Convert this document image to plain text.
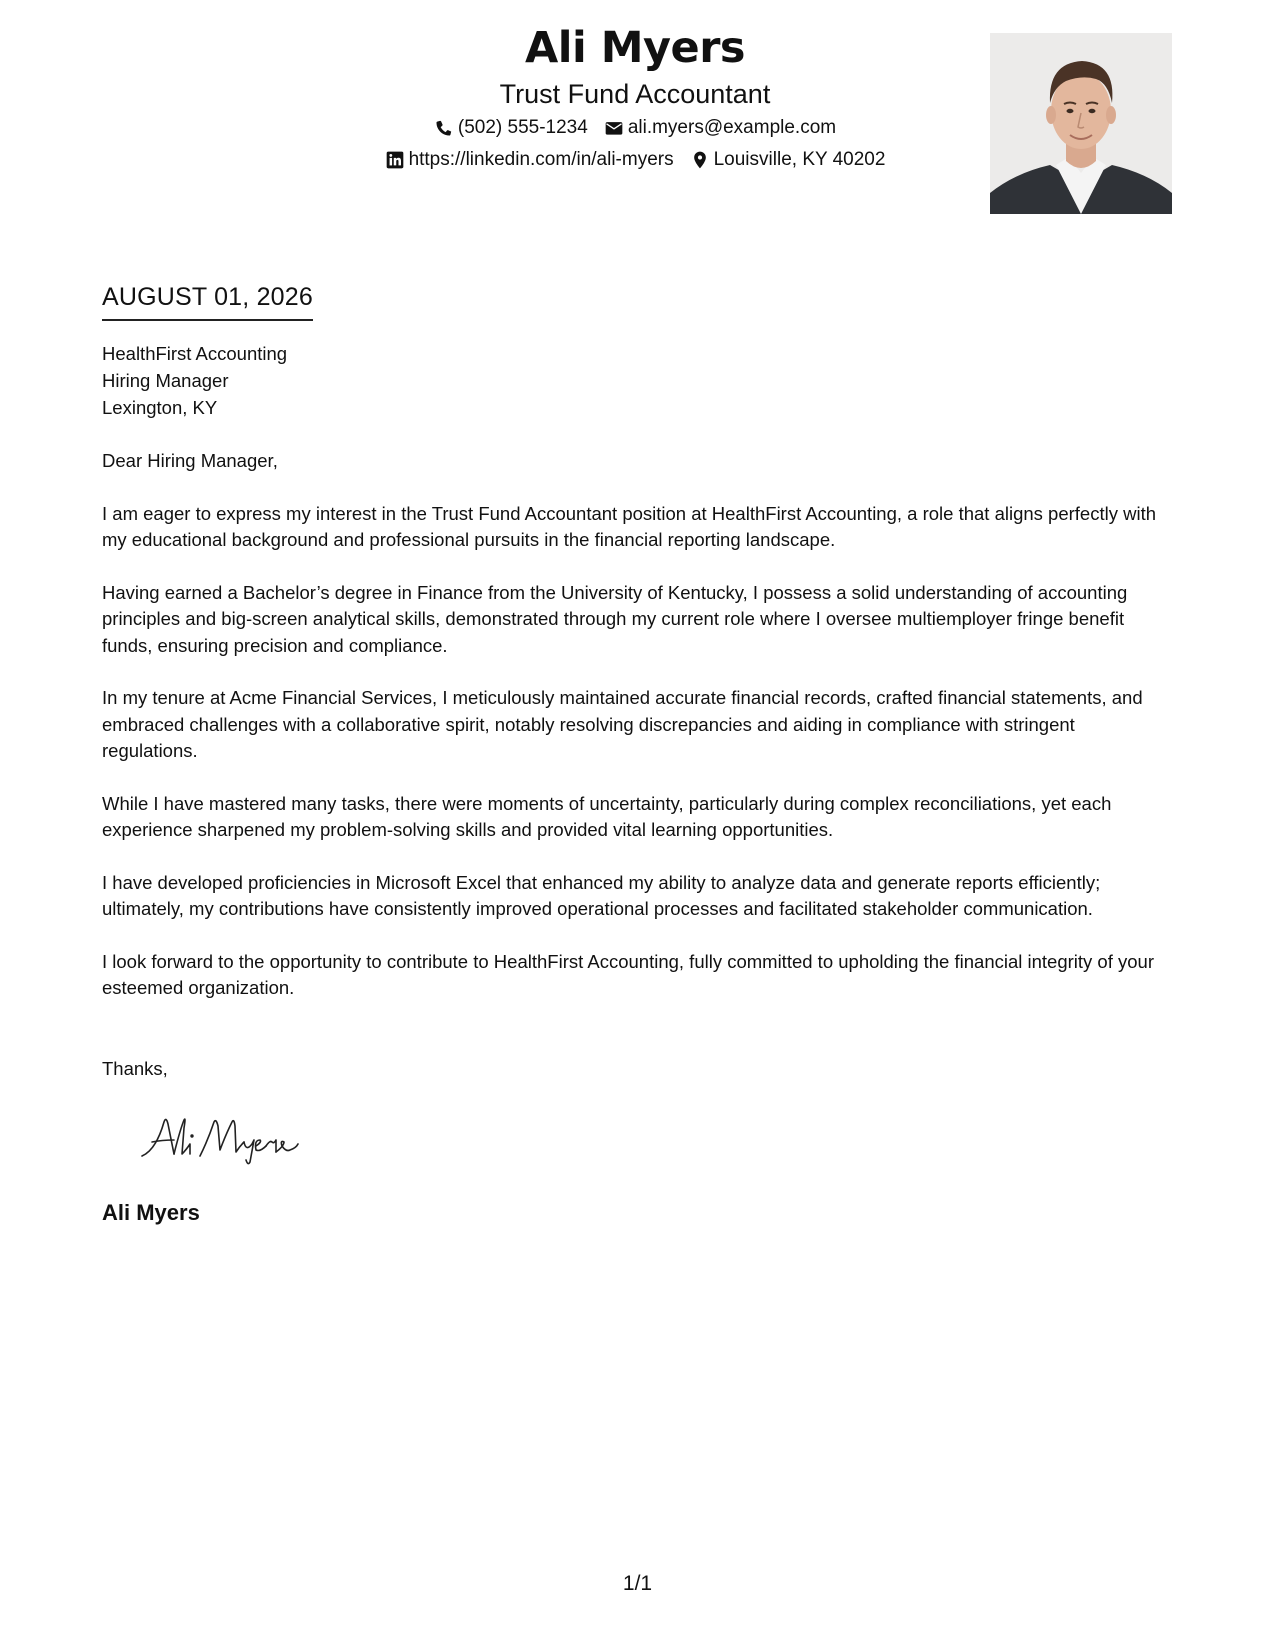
Ali Myers
Trust Fund Accountant
(502) 555-1234 ali.myers@example.com
https://linkedin.com/in/ali-myers Louisville, KY 40202
AUGUST 01, 2026
HealthFirst Accounting
Hiring Manager
Lexington, KY

Dear Hiring Manager,

I am eager to express my interest in the Trust Fund Accountant position at HealthFirst Accounting, a role that aligns perfectly with my educational background and professional pursuits in the financial reporting landscape.

Having earned a Bachelor’s degree in Finance from the University of Kentucky, I possess a solid understanding of accounting principles and big-screen analytical skills, demonstrated through my current role where I oversee multiemployer fringe benefit funds, ensuring precision and compliance.

In my tenure at Acme Financial Services, I meticulously maintained accurate financial records, crafted financial statements, and embraced challenges with a collaborative spirit, notably resolving discrepancies and aiding in compliance with stringent regulations.

While I have mastered many tasks, there were moments of uncertainty, particularly during complex reconciliations, yet each experience sharpened my problem-solving skills and provided vital learning opportunities.

I have developed proficiencies in Microsoft Excel that enhanced my ability to analyze data and generate reports efficiently; ultimately, my contributions have consistently improved operational processes and facilitated stakeholder communication.

I look forward to the opportunity to contribute to HealthFirst Accounting, fully committed to upholding the financial integrity of your esteemed organization.

Thanks,
Ali Myers
1/1
